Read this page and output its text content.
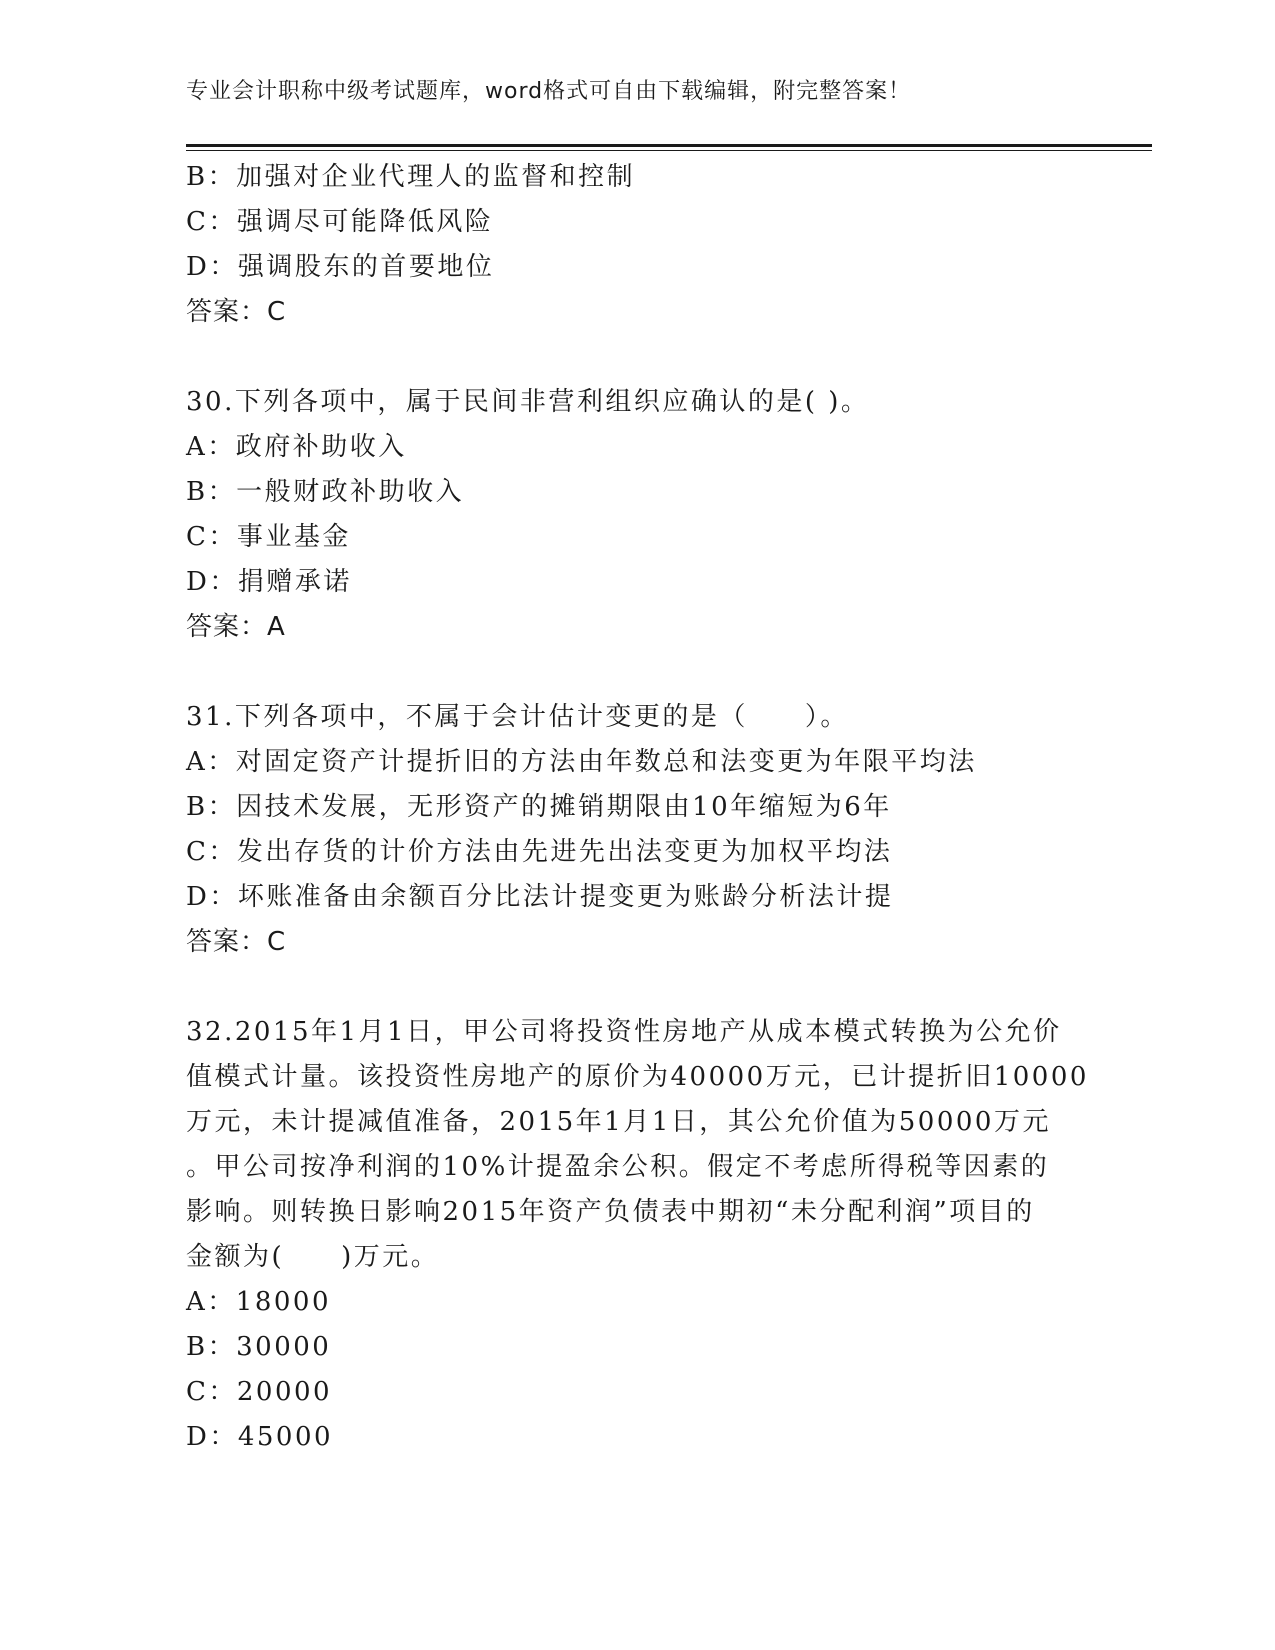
专业会计职称中级考试题库，word格式可自由下载编辑，附完整答案！
B：加强对企业代理人的监督和控制
C：强调尽可能降低风险
D：强调股东的首要地位
答案：C
30.下列各项中，属于民间非营利组织应确认的是( )。
A：政府补助收入
B：一般财政补助收入
C：事业基金
D：捐赠承诺
答案：A
31.下列各项中，不属于会计估计变更的是（　　）。
A：对固定资产计提折旧的方法由年数总和法变更为年限平均法
B：因技术发展，无形资产的摊销期限由10年缩短为6年
C：发出存货的计价方法由先进先出法变更为加权平均法
D：坏账准备由余额百分比法计提变更为账龄分析法计提
答案：C
32.2015年1月1日，甲公司将投资性房地产从成本模式转换为公允价
值模式计量。该投资性房地产的原价为40000万元，已计提折旧10000
万元，未计提减值准备，2015年1月1日，其公允价值为50000万元
。甲公司按净利润的10%计提盈余公积。假定不考虑所得税等因素的
影响。则转换日影响2015年资产负债表中期初“未分配利润”项目的
金额为(　　)万元。
A：18000
B：30000
C：20000
D：45000
